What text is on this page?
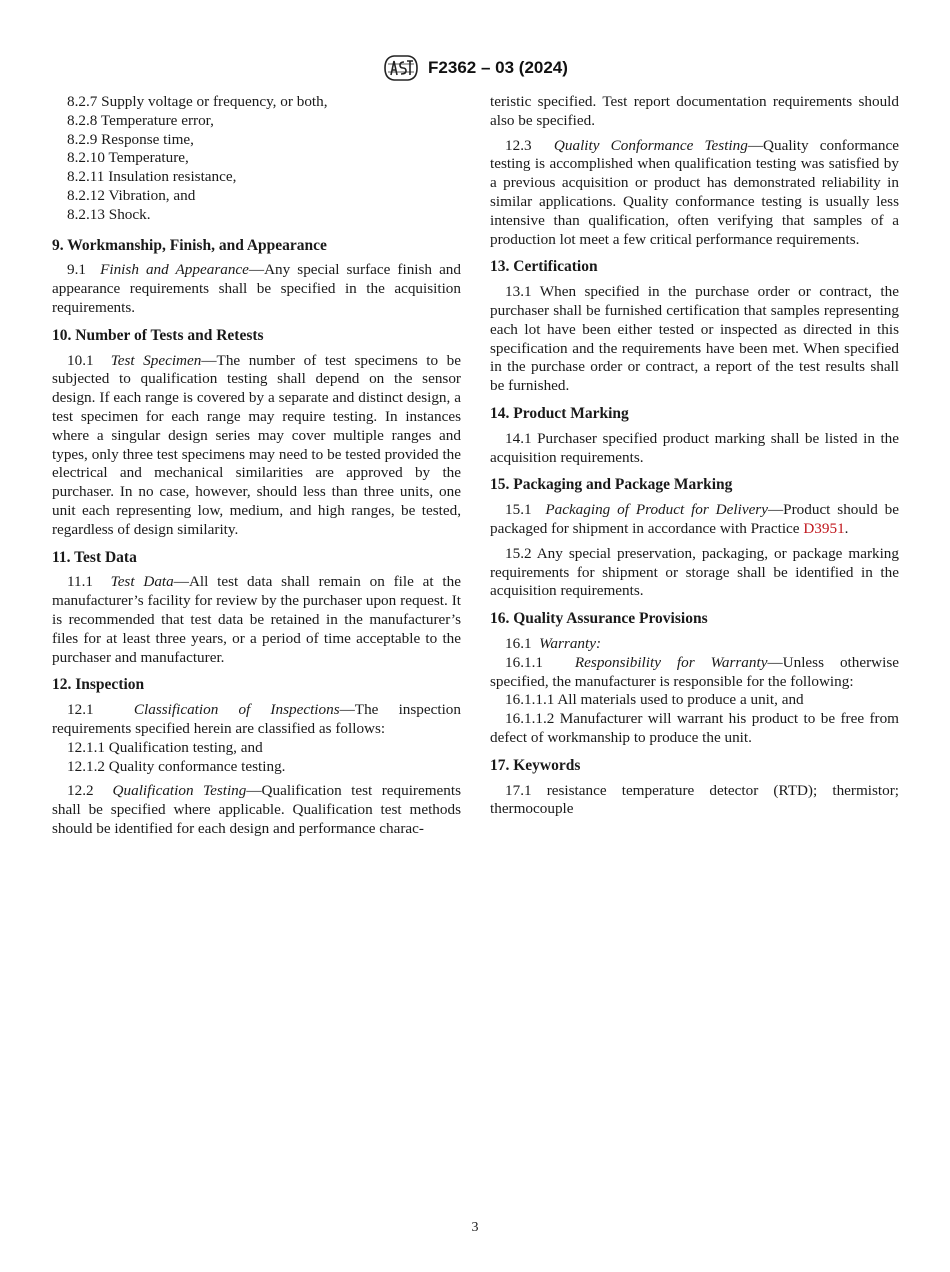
F2362 – 03 (2024)
8.2.7 Supply voltage or frequency, or both,
8.2.8 Temperature error,
8.2.9 Response time,
8.2.10 Temperature,
8.2.11 Insulation resistance,
8.2.12 Vibration, and
8.2.13 Shock.
9. Workmanship, Finish, and Appearance

9.1 Finish and Appearance—Any special surface finish and appearance requirements shall be specified in the acquisition requirements.

10. Number of Tests and Retests

10.1 Test Specimen—The number of test specimens to be subjected to qualification testing shall depend on the sensor design. If each range is covered by a separate and distinct design, a test specimen for each range may require testing. In instances where a singular design series may cover multiple ranges and types, only three test specimens may need to be tested provided the electrical and mechanical similarities are approved by the purchaser. In no case, however, should less than three units, one unit each representing low, medium, and high ranges, be tested, regardless of design similarity.

11. Test Data

11.1 Test Data—All test data shall remain on file at the manufacturer’s facility for review by the purchaser upon request. It is recommended that test data be retained in the manufacturer’s files for at least three years, or a period of time acceptable to the purchaser and manufacturer.

12. Inspection

12.1	Classification of Inspections—The inspection requirements specified herein are classified as follows:

12.1.1 Qualification testing, and
12.1.2 Quality conformance testing.

12.2 Qualification Testing—Qualification test requirements shall be specified where applicable. Qualification test methods should be identified for each design and performance charac-

teristic specified. Test report documentation requirements should also be specified.

12.3 Quality Conformance Testing—Quality conformance testing is accomplished when qualification testing was satisfied by a previous acquisition or product has demonstrated reliability in similar applications. Quality conformance testing is usually less intensive than qualification, often verifying that samples of a production lot meet a few critical performance requirements.

13. Certification

13.1 When specified in the purchase order or contract, the purchaser shall be furnished certification that samples representing each lot have been either tested or inspected as directed in this specification and the requirements have been met. When specified in the purchase order or contract, a report of the test results shall be furnished.

14. Product Marking

14.1 Purchaser specified product marking shall be listed in the acquisition requirements.

15. Packaging and Package Marking

15.1 Packaging of Product for Delivery—Product should be packaged for shipment in accordance with Practice D3951.

15.2 Any special preservation, packaging, or package marking requirements for shipment or storage shall be identified in the acquisition requirements.

16. Quality Assurance Provisions

16.1 Warranty:

16.1.1 Responsibility for Warranty—Unless otherwise specified, the manufacturer is responsible for the following:

16.1.1.1 All materials used to produce a unit, and

16.1.1.2 Manufacturer will warrant his product to be free from defect of workmanship to produce the unit.

17. Keywords

17.1 resistance temperature detector (RTD); thermistor; thermocouple

3
